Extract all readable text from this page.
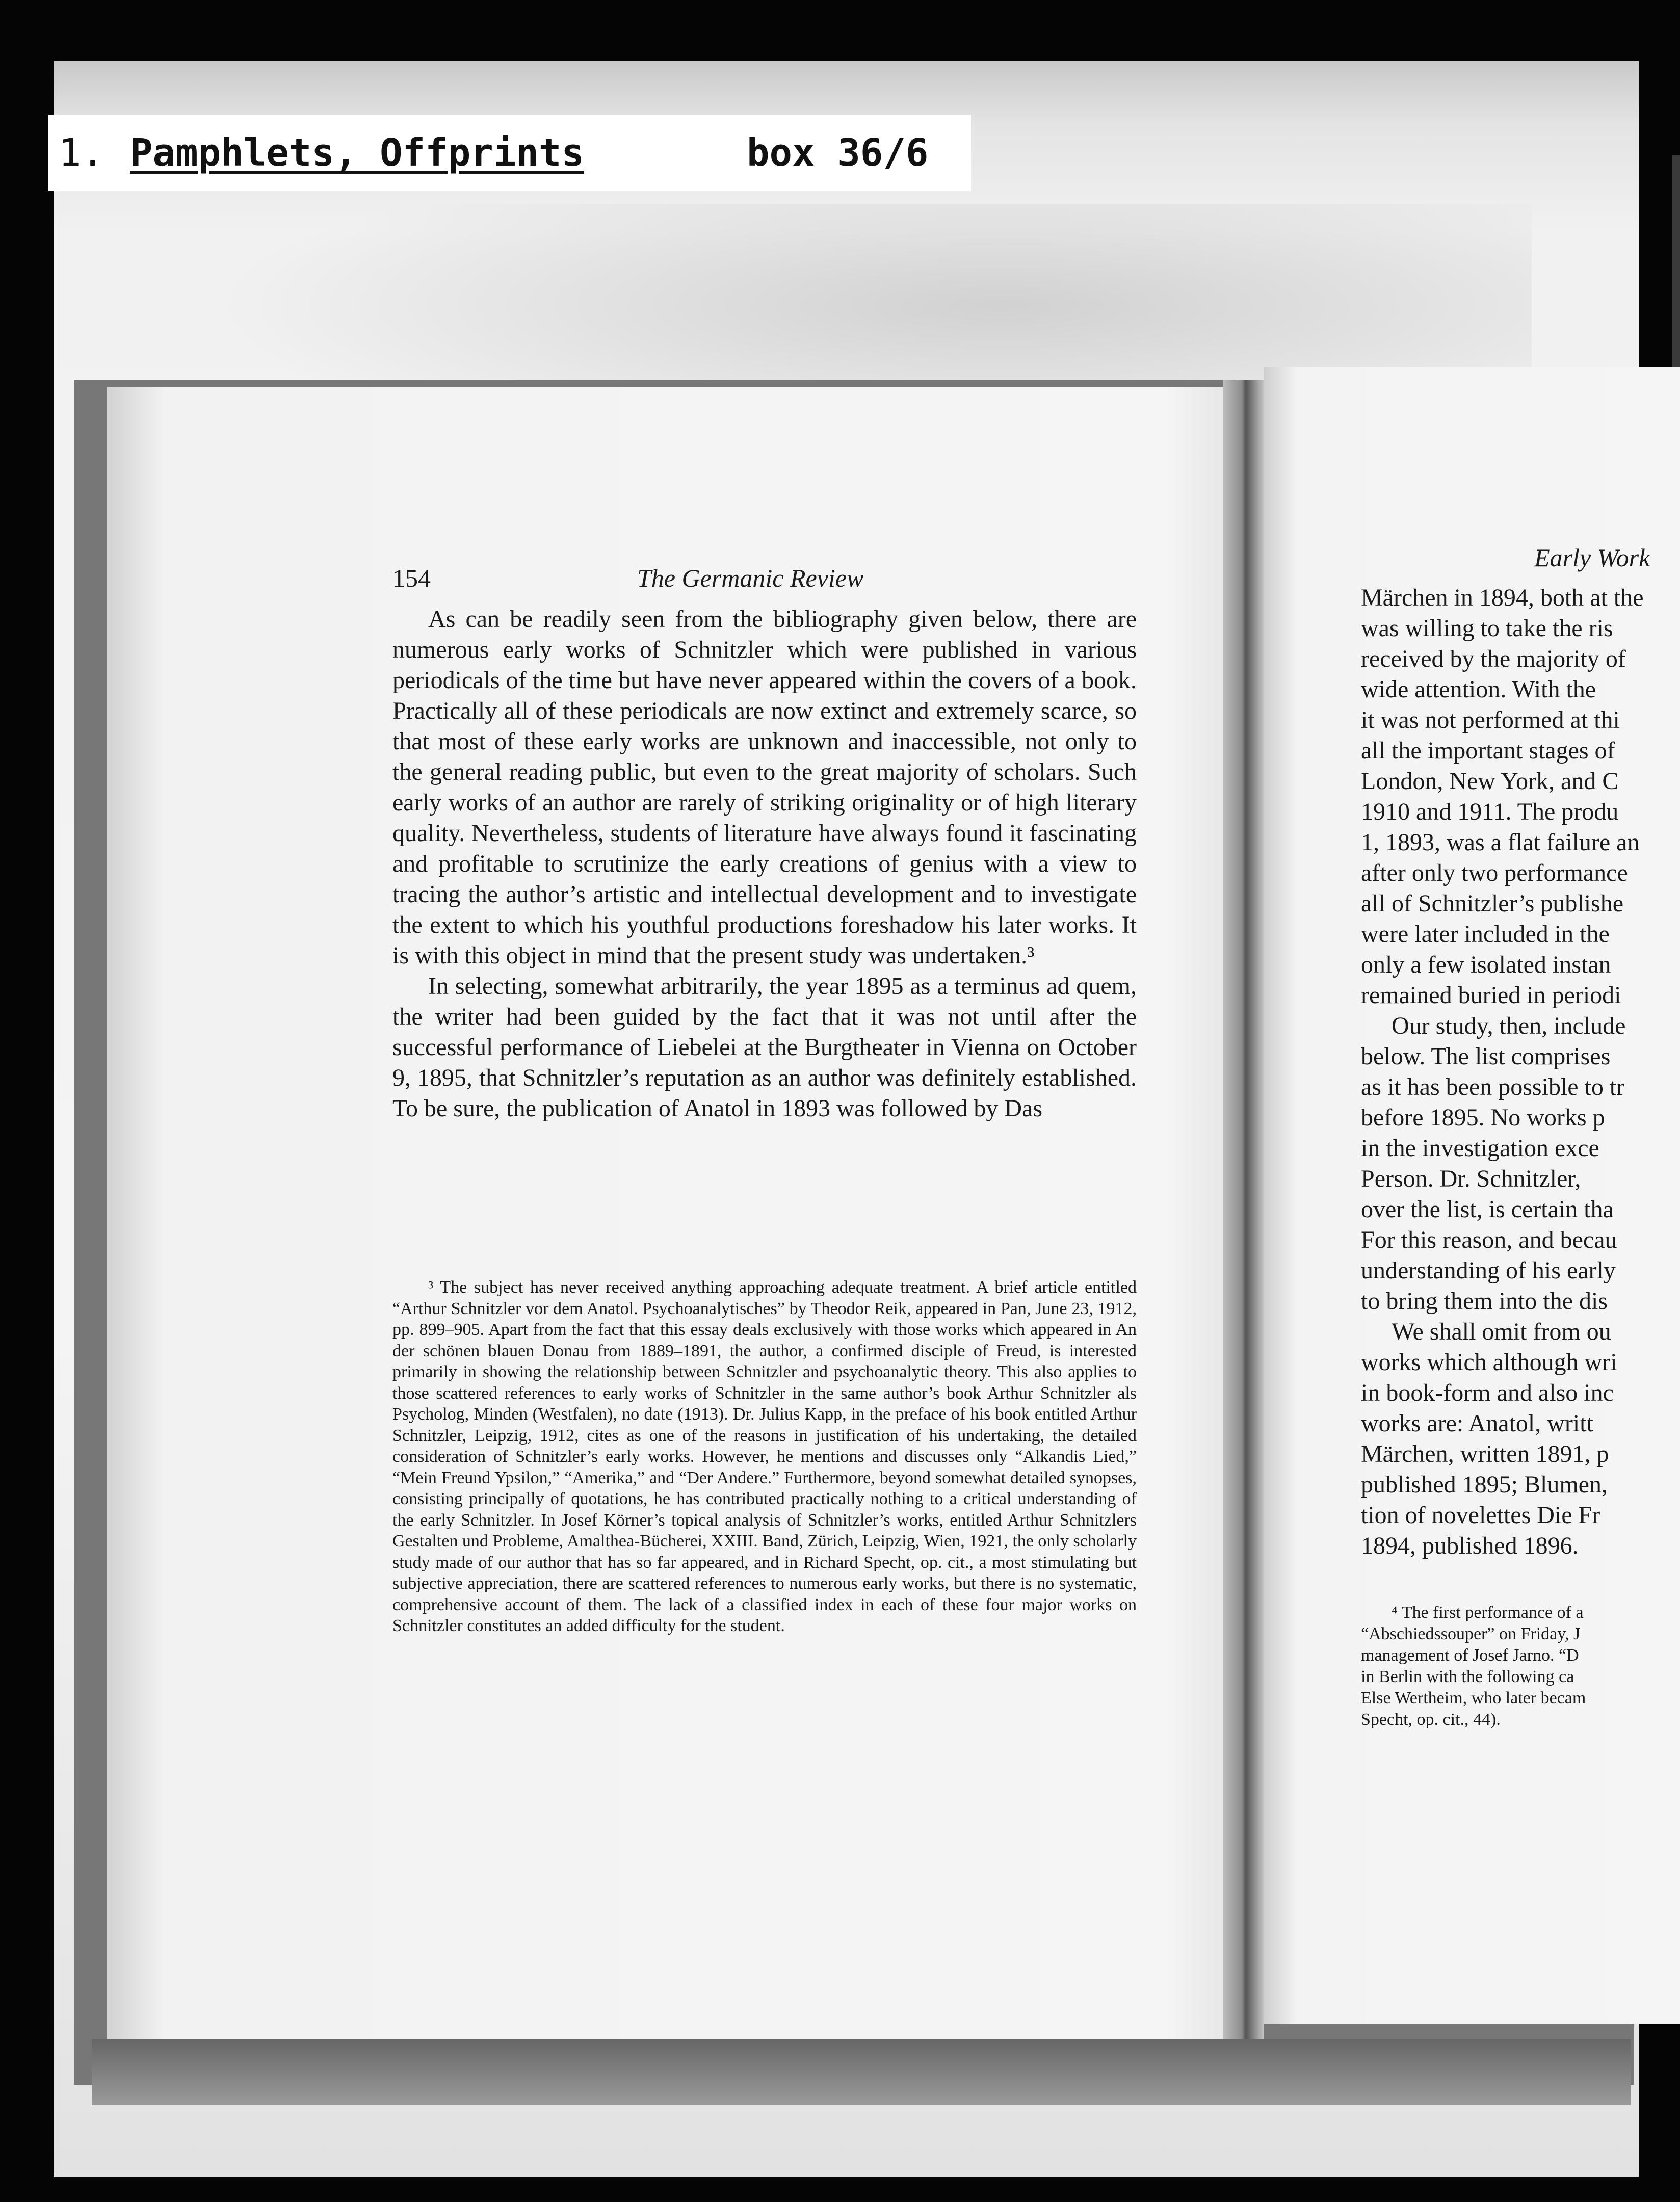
1. Pamphlets, Offprints	box 36/6
154	The Germanic Review

As can be readily seen from the bibliography given below, there are numerous early works of Schnitzler which were published in various periodicals of the time but have never appeared within the covers of a book. Practically all of these periodicals are now extinct and extremely scarce, so that most of these early works are unknown and inaccessible, not only to the general reading public, but even to the great majority of scholars. Such early works of an author are rarely of striking originality or of high literary quality. Nevertheless, students of literature have always found it fascinating and profitable to scrutinize the early creations of genius with a view to tracing the author’s artistic and intellectual development and to investigate the extent to which his youthful productions foreshadow his later works. It is with this object in mind that the present study was undertaken.³

In selecting, somewhat arbitrarily, the year 1895 as a terminus ad quem, the writer had been guided by the fact that it was not until after the successful performance of Liebelei at the Burgtheater in Vienna on October 9, 1895, that Schnitzler’s reputation as an author was definitely established. To be sure, the publication of Anatol in 1893 was followed by Das

³ The subject has never received anything approaching adequate treatment. A brief article entitled “Arthur Schnitzler vor dem Anatol. Psychoanalytisches” by Theodor Reik, appeared in Pan, June 23, 1912, pp. 899–905. Apart from the fact that this essay deals exclusively with those works which appeared in An der schönen blauen Donau from 1889–1891, the author, a confirmed disciple of Freud, is interested primarily in showing the relationship between Schnitzler and psychoanalytic theory. This also applies to those scattered references to early works of Schnitzler in the same author’s book Arthur Schnitzler als Psycholog, Minden (Westfalen), no date (1913). Dr. Julius Kapp, in the preface of his book entitled Arthur Schnitzler, Leipzig, 1912, cites as one of the reasons in justification of his undertaking, the detailed consideration of Schnitzler’s early works. However, he mentions and discusses only “Alkandis Lied,” “Mein Freund Ypsilon,” “Amerika,” and “Der Andere.” Furthermore, beyond somewhat detailed synopses, consisting principally of quotations, he has contributed practically nothing to a critical understanding of the early Schnitzler. In Josef Körner’s topical analysis of Schnitzler’s works, entitled Arthur Schnitzlers Gestalten und Probleme, Amalthea-Bücherei, XXIII. Band, Zürich, Leipzig, Wien, 1921, the only scholarly study made of our author that has so far appeared, and in Richard Specht, op. cit., a most stimulating but subjective appreciation, there are scattered references to numerous early works, but there is no systematic, comprehensive account of them. The lack of a classified index in each of these four major works on Schnitzler constitutes an added difficulty for the student.

Early Work
Märchen in 1894, both at the
was willing to take the ris
received by the majority of
wide attention. With the
it was not performed at thi
all the important stages of
London, New York, and C
1910 and 1911. The produ
1, 1893, was a flat failure an
after only two performance
all of Schnitzler’s publishe
were later included in the
only a few isolated instan
remained buried in periodi
Our study, then, include
below. The list comprises
as it has been possible to tr
before 1895. No works p
in the investigation exce
Person. Dr. Schnitzler,
over the list, is certain tha
For this reason, and becau
understanding of his early
to bring them into the dis
We shall omit from ou
works which although wri
in book-form and also inc
works are: Anatol, writt
Märchen, written 1891, p
published 1895; Blumen,
tion of novelettes Die Fr
1894, published 1896.
⁴ The first performance of a
“Abschiedssouper” on Friday, J
management of Josef Jarno. “D
in Berlin with the following ca
Else Wertheim, who later becam
Specht, op. cit., 44).
